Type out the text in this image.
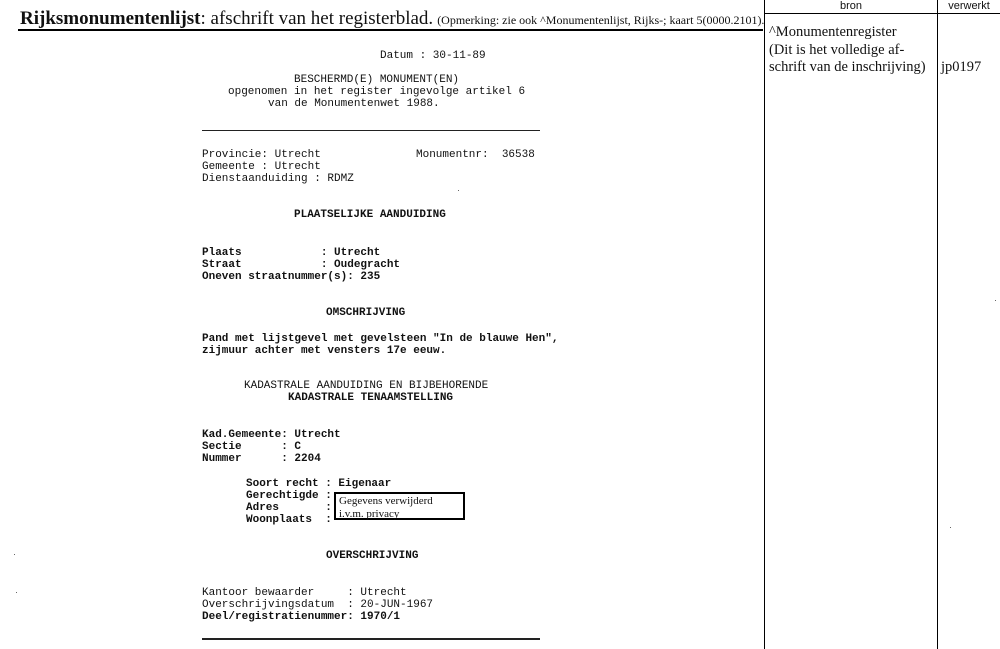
Rijksmonumentenlijst: afschrift van het registerblad. (Opmerking: zie ook ^Monumentenlijst, Rijks-; kaart 5(0000.2101).
bron	verwerkt
^Monumentenregister
(Dit is het volledige af-
schrift van de inschrijving)	jp0197
Datum : 30-11-89
BESCHERMD(E) MONUMENT(EN)
opgenomen in het register ingevolge artikel 6
van de Monumentenwet 1988.
Provincie: Utrecht	Monumentnr:  36538
Gemeente : Utrecht
Dienstaanduiding : RDMZ
PLAATSELIJKE AANDUIDING
Plaats            : Utrecht
Straat            : Oudegracht
Oneven straatnummer(s): 235
OMSCHRIJVING
Pand met lijstgevel met gevelsteen "In de blauwe Hen",
zijmuur achter met vensters 17e eeuw.
KADASTRALE AANDUIDING EN BIJBEHORENDE
KADASTRALE TENAAMSTELLING
Kad.Gemeente: Utrecht
Sectie      : C
Nummer      : 2204
Soort recht : Eigenaar
Gerechtigde :
Adres       :
Woonplaats  :
Gegevens verwijderd i.v.m. privacy
OVERSCHRIJVING
Kantoor bewaarder     : Utrecht
Overschrijvingsdatum  : 20-JUN-1967
Deel/registratienummer: 1970/1
